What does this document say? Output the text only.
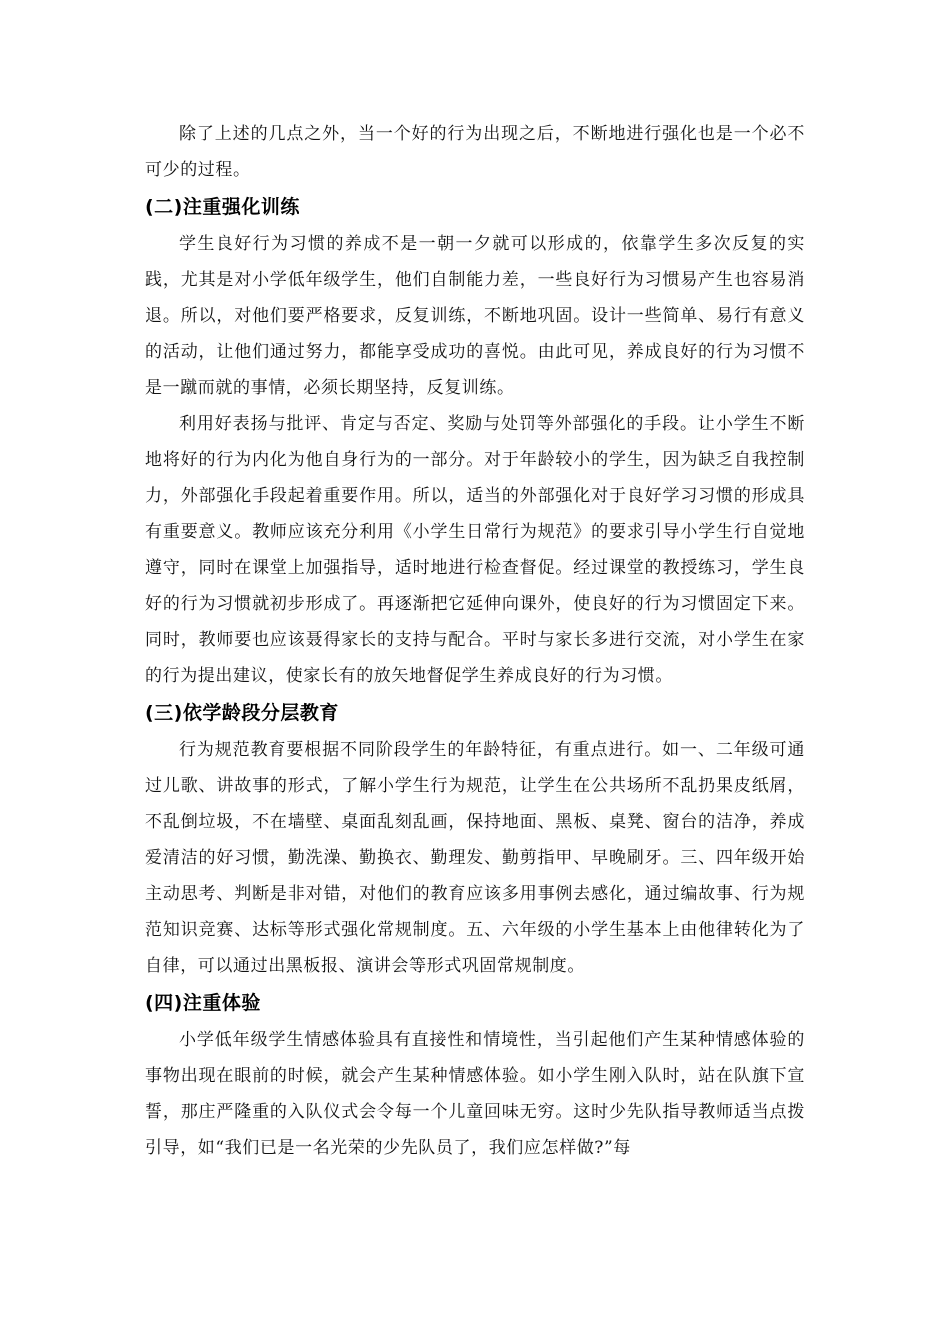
除了上述的几点之外，当一个好的行为出现之后，不断地进行强化也是一个必不可少的过程。

(二)注重强化训练

学生良好行为习惯的养成不是一朝一夕就可以形成的，依靠学生多次反复的实践，尤其是对小学低年级学生，他们自制能力差，一些良好行为习惯易产生也容易消退。所以，对他们要严格要求，反复训练，不断地巩固。设计一些简单、易行有意义的活动，让他们通过努力，都能享受成功的喜悦。由此可见，养成良好的行为习惯不是一蹴而就的事情，必须长期坚持，反复训练。

利用好表扬与批评、肯定与否定、奖励与处罚等外部强化的手段。让小学生不断地将好的行为内化为他自身行为的一部分。对于年龄较小的学生，因为缺乏自我控制力，外部强化手段起着重要作用。所以，适当的外部强化对于良好学习习惯的形成具有重要意义。教师应该充分利用《小学生日常行为规范》的要求引导小学生行自觉地遵守，同时在课堂上加强指导，适时地进行检查督促。经过课堂的教授练习，学生良好的行为习惯就初步形成了。再逐渐把它延伸向课外，使良好的行为习惯固定下来。同时，教师要也应该聂得家长的支持与配合。平时与家长多进行交流，对小学生在家的行为提出建议，使家长有的放矢地督促学生养成良好的行为习惯。

(三)依学龄段分层教育

行为规范教育要根据不同阶段学生的年龄特征，有重点进行。如一、二年级可通过儿歌、讲故事的形式，了解小学生行为规范，让学生在公共场所不乱扔果皮纸屑，不乱倒垃圾，不在墙壁、桌面乱刻乱画，保持地面、黑板、桌凳、窗台的洁净，养成爱清洁的好习惯，勤洗澡、勤换衣、勤理发、勤剪指甲、早晚刷牙。三、四年级开始主动思考、判断是非对错，对他们的教育应该多用事例去感化，通过编故事、行为规范知识竞赛、达标等形式强化常规制度。五、六年级的小学生基本上由他律转化为了自律，可以通过出黑板报、演讲会等形式巩固常规制度。

(四)注重体验

小学低年级学生情感体验具有直接性和情境性，当引起他们产生某种情感体验的事物出现在眼前的时候，就会产生某种情感体验。如小学生刚入队时，站在队旗下宣誓，那庄严隆重的入队仪式会令每一个儿童回味无穷。这时少先队指导教师适当点拨引导，如“我们已是一名光荣的少先队员了，我们应怎样做?”每
